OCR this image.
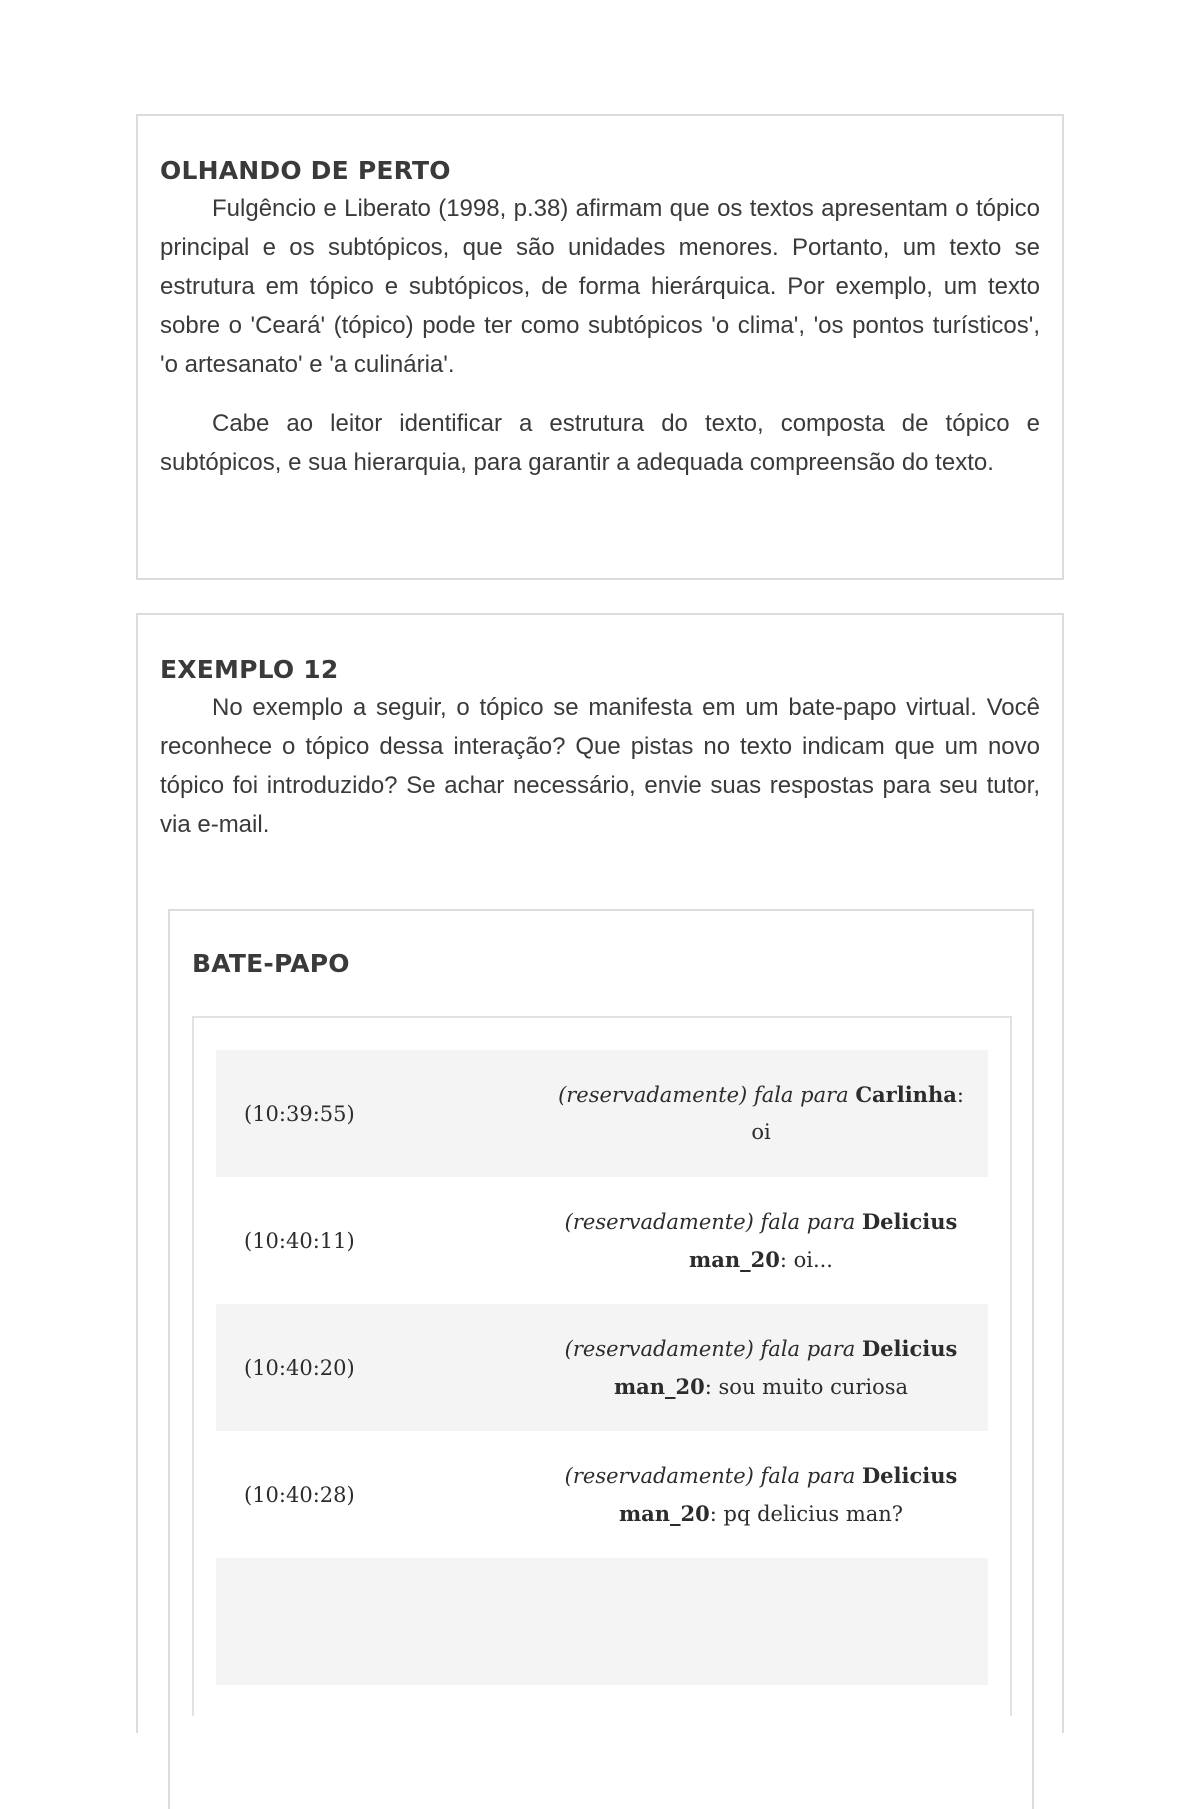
OLHANDO DE PERTO

Fulgêncio e Liberato (1998, p.38) afirmam que os textos apresentam o tópico principal e os subtópicos, que são unidades menores. Portanto, um texto se estrutura em tópico e subtópicos, de forma hierárquica. Por exemplo, um texto sobre o 'Ceará' (tópico) pode ter como subtópicos 'o clima', 'os pontos turísticos', 'o artesanato' e 'a culinária'.

Cabe ao leitor identificar a estrutura do texto, composta de tópico e subtópicos, e sua hierarquia, para garantir a adequada compreensão do texto.

EXEMPLO 12

No exemplo a seguir, o tópico se manifesta em um bate-papo virtual. Você reconhece o tópico dessa interação? Que pistas no texto indicam que um novo tópico foi introduzido? Se achar necessário, envie suas respostas para seu tutor, via e-mail.

BATE-PAPO
(10:39:55)
(reservadamente) fala para Carlinha: oi
(10:40:11)
(reservadamente) fala para Delicius man_20: oi...
(10:40:20)
(reservadamente) fala para Delicius man_20: sou muito curiosa
(10:40:28)
(reservadamente) fala para Delicius man_20: pq delicius man?
